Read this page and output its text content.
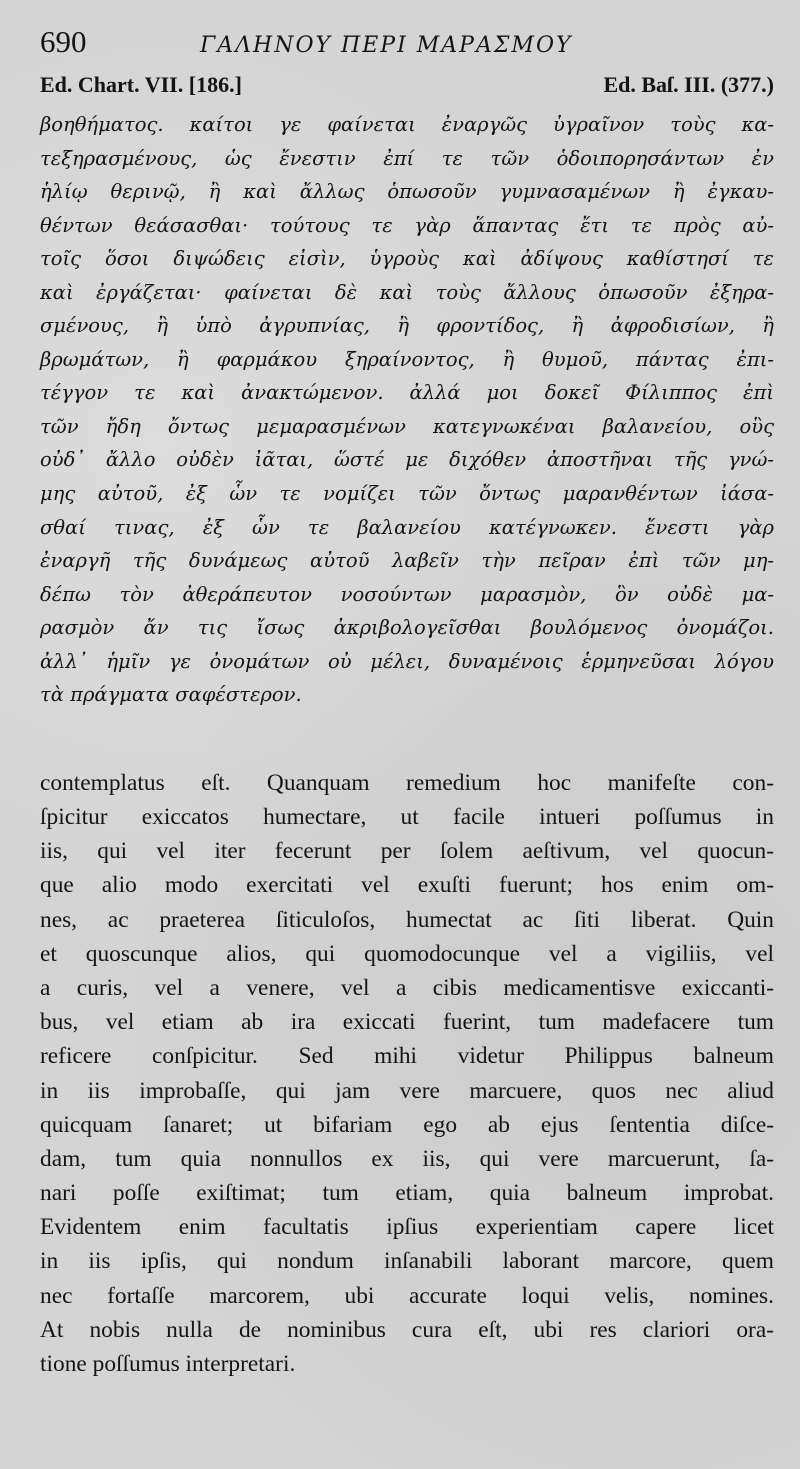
690	ΓΑΛΗΝΟΥ ΠΕΡΙ ΜΑΡΑΣΜΟΥ
Ed. Chart. VII. [186.]	Ed. Baſ. III. (377.)
βοηθήματος. καίτοι γε φαίνεται ἐναργῶς ὑγραῖνον τοὺς κα-
τεξηρασμένους, ὡς ἔνεστιν ἐπί τε τῶν ὁδοιπορησάντων ἐν
ἡλίῳ θερινῷ, ἢ καὶ ἄλλως ὁπωσοῦν γυμνασαμένων ἢ ἐγκαυ-
θέντων θεάσασθαι· τούτους τε γὰρ ἅπαντας ἔτι τε πρὸς αὐ-
τοῖς ὅσοι διψώδεις εἰσὶν, ὑγροὺς καὶ ἀδίψους καθίστησί τε
καὶ ἐργάζεται· φαίνεται δὲ καὶ τοὺς ἄλλους ὁπωσοῦν ἐξηρα-
σμένους, ἢ ὑπὸ ἀγρυπνίας, ἢ φροντίδος, ἢ ἀφροδισίων, ἢ
βρωμάτων, ἢ φαρμάκου ξηραίνοντος, ἢ θυμοῦ, πάντας ἐπι-
τέγγον τε καὶ ἀνακτώμενον. ἀλλά μοι δοκεῖ Φίλιππος ἐπὶ
τῶν ἤδη ὄντως μεμαρασμένων κατεγνωκέναι βαλανείου, οὓς
οὐδ᾽ ἄλλο οὐδὲν ἰᾶται, ὥστέ με διχόθεν ἀποστῆναι τῆς γνώ-
μης αὐτοῦ, ἐξ ὧν τε νομίζει τῶν ὄντως μαρανθέντων ἰάσα-
σθαί τινας, ἐξ ὧν τε βαλανείου κατέγνωκεν. ἔνεστι γὰρ
ἐναργῆ τῆς δυνάμεως αὐτοῦ λαβεῖν τὴν πεῖραν ἐπὶ τῶν μη-
δέπω τὸν ἀθεράπευτον νοσούντων μαρασμὸν, ὃν οὐδὲ μα-
ρασμὸν ἄν τις ἴσως ἀκριβολογεῖσθαι βουλόμενος ὀνομάζοι.
ἀλλ᾽ ἡμῖν γε ὀνομάτων οὐ μέλει, δυναμένοις ἑρμηνεῦσαι λόγου
τὰ πράγματα σαφέστερον.
contemplatus eſt. Quanquam remedium hoc manifeſte con-
ſpicitur exiccatos humectare, ut facile intueri poſſumus in
iis, qui vel iter fecerunt per ſolem aeſtivum, vel quocun-
que alio modo exercitati vel exuſti fuerunt; hos enim om-
nes, ac praeterea ſiticuloſos, humectat ac ſiti liberat. Quin
et quoscunque alios, qui quomodocunque vel a vigiliis, vel
a curis, vel a venere, vel a cibis medicamentisve exiccanti-
bus, vel etiam ab ira exiccati fuerint, tum madefacere tum
reficere conſpicitur. Sed mihi videtur Philippus balneum
in iis improbaſſe, qui jam vere marcuere, quos nec aliud
quicquam ſanaret; ut bifariam ego ab ejus ſententia diſce-
dam, tum quia nonnullos ex iis, qui vere marcuerunt, ſa-
nari poſſe exiſtimat; tum etiam, quia balneum improbat.
Evidentem enim facultatis ipſius experientiam capere licet
in iis ipſis, qui nondum inſanabili laborant marcore, quem
nec fortaſſe marcorem, ubi accurate loqui velis, nomines.
At nobis nulla de nominibus cura eſt, ubi res clariori ora-
tione poſſumus interpretari.
